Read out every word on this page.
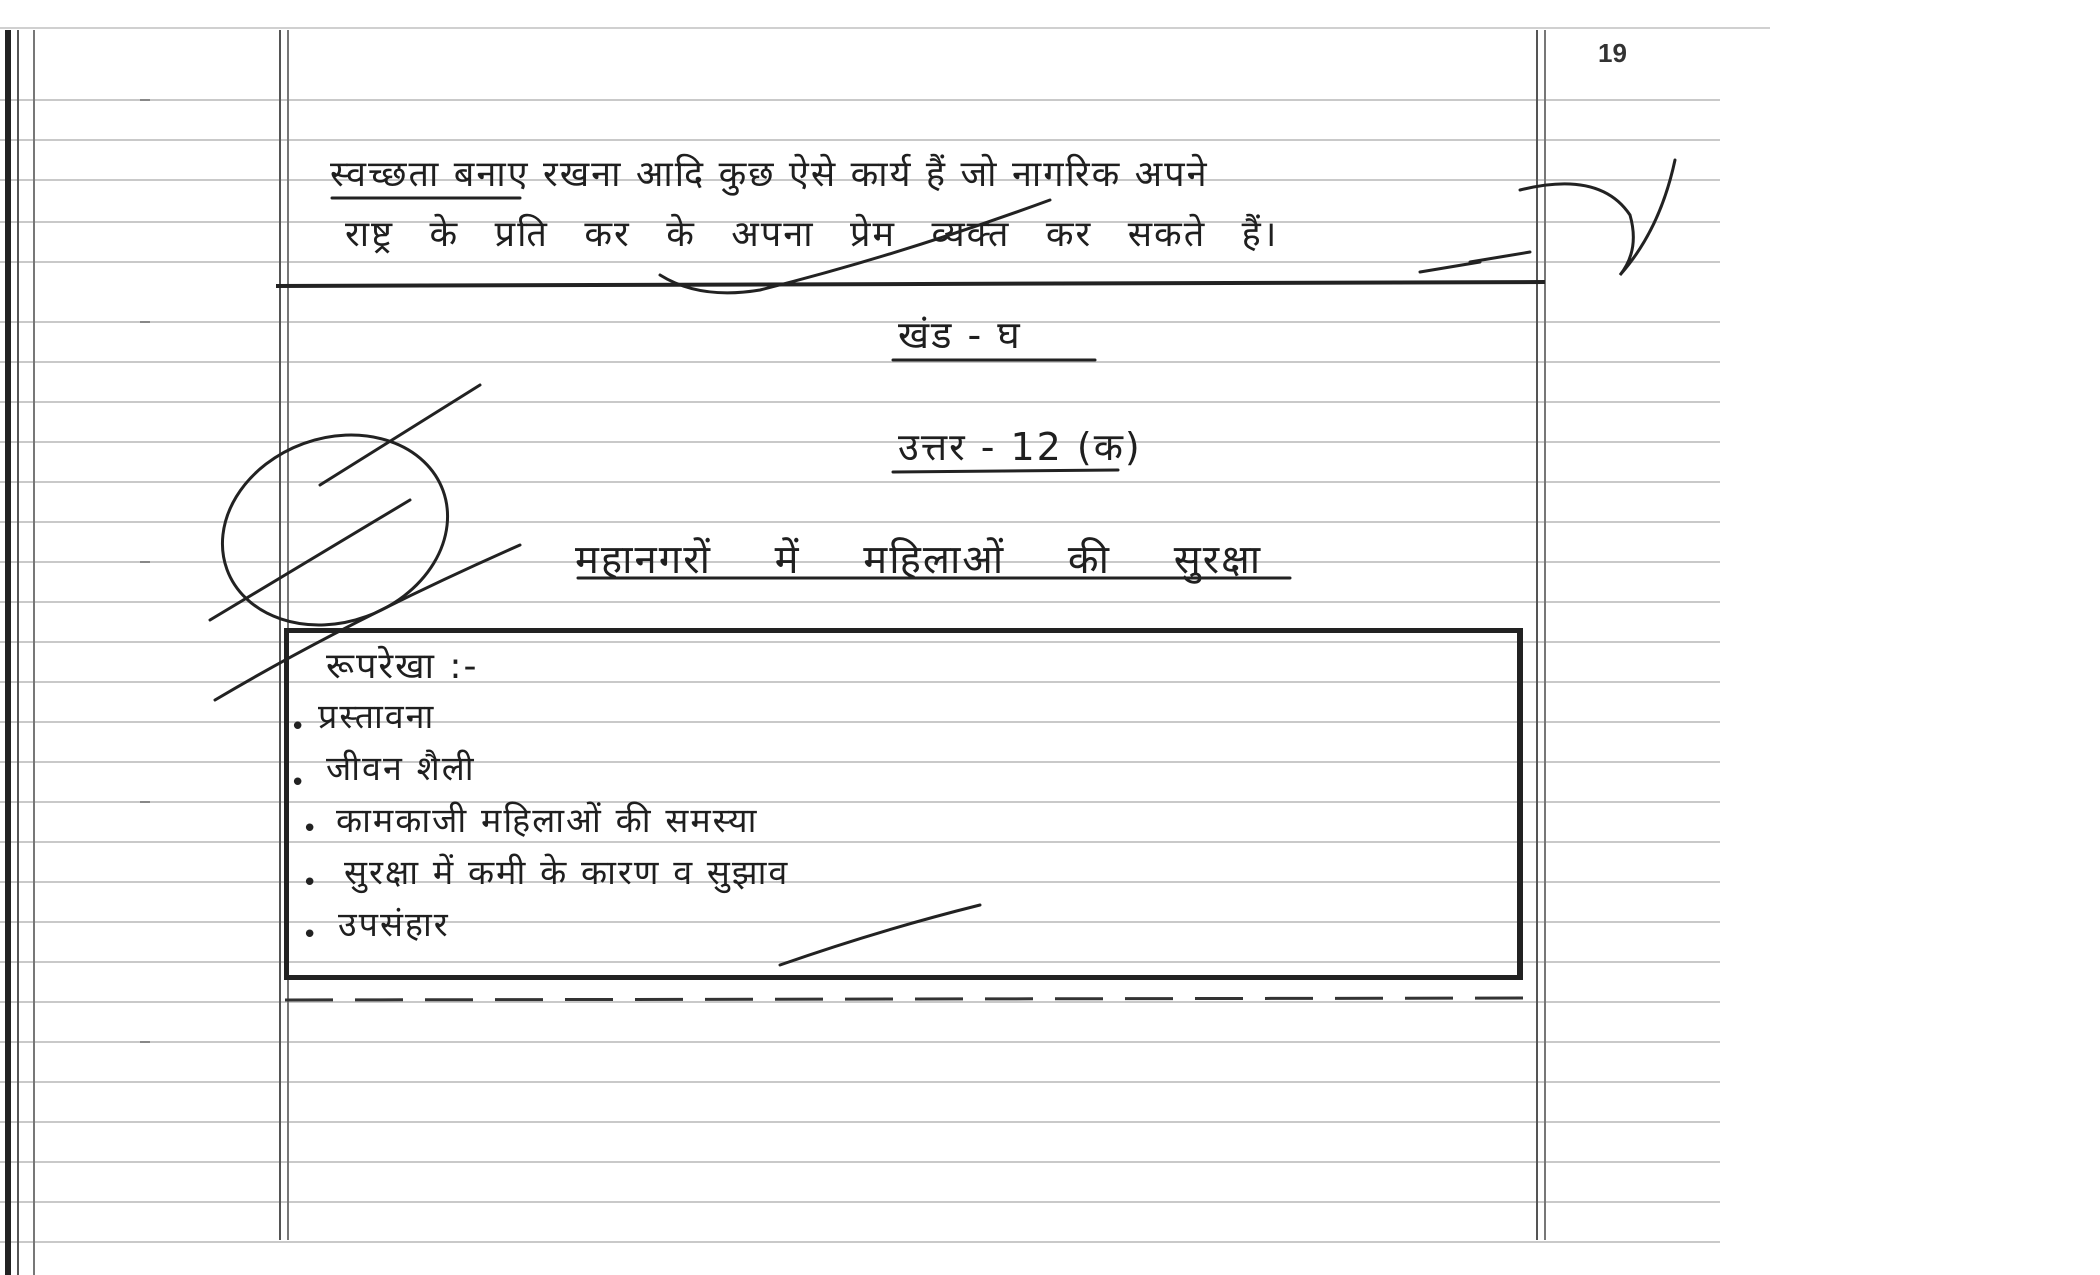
19
स्वच्छता बनाए रखना आदि कुछ ऐसे कार्य हैं जो नागरिक अपने
राष्ट्र के प्रति कर के अपना प्रेम व्यक्त कर सकते हैं।
खंड - घ
उत्तर - 12 (क)
महानगरों में महिलाओं की सुरक्षा
रूपरेखा :-
• प्रस्तावना
• जीवन शैली
• कामकाजी महिलाओं की समस्या
• सुरक्षा में कमी के कारण व सुझाव
• उपसंहार
